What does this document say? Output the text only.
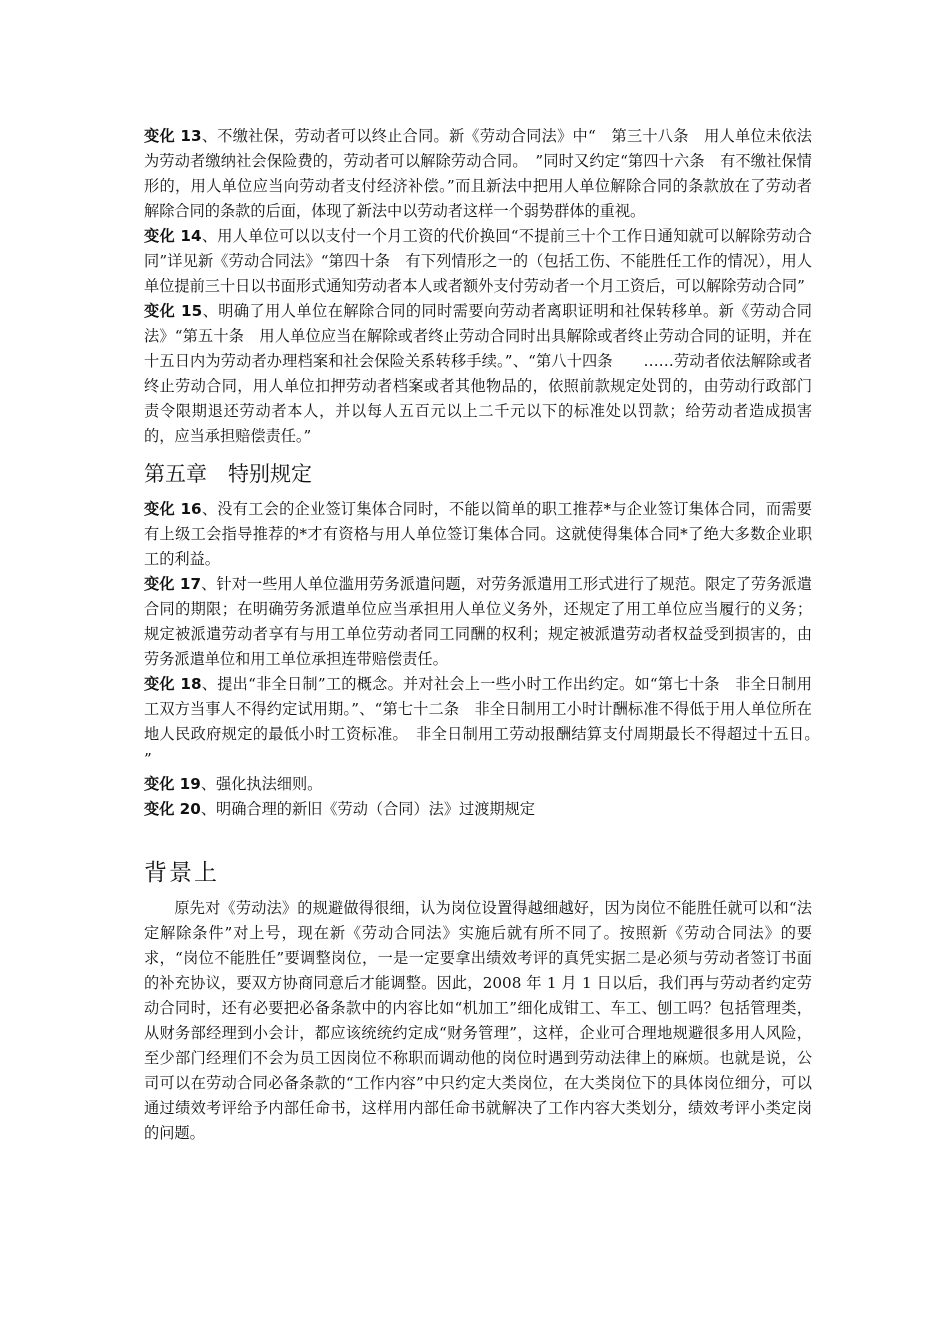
变化 13、不缴社保，劳动者可以终止合同。新《劳动合同法》中“　第三十八条　用人单位未依法为劳动者缴纳社会保险费的，劳动者可以解除劳动合同。　”同时又约定“第四十六条　有不缴社保情形的，用人单位应当向劳动者支付经济补偿。”而且新法中把用人单位解除合同的条款放在了劳动者解除合同的条款的后面，体现了新法中以劳动者这样一个弱势群体的重视。

变化 14、用人单位可以以支付一个月工资的代价换回“不提前三十个工作日通知就可以解除劳动合同”详见新《劳动合同法》“第四十条　有下列情形之一的（包括工伤、不能胜任工作的情况），用人单位提前三十日以书面形式通知劳动者本人或者额外支付劳动者一个月工资后，可以解除劳动合同”

变化 15、明确了用人单位在解除合同的同时需要向劳动者离职证明和社保转移单。新《劳动合同法》“第五十条　用人单位应当在解除或者终止劳动合同时出具解除或者终止劳动合同的证明，并在十五日内为劳动者办理档案和社会保险关系转移手续。”、“第八十四条　　……劳动者依法解除或者终止劳动合同，用人单位扣押劳动者档案或者其他物品的，依照前款规定处罚的，由劳动行政部门责令限期退还劳动者本人，并以每人五百元以上二千元以下的标准处以罚款；给劳动者造成损害的，应当承担赔偿责任。”

第五章　特别规定

变化 16、没有工会的企业签订集体合同时，不能以简单的职工推荐*与企业签订集体合同，而需要有上级工会指导推荐的*才有资格与用人单位签订集体合同。这就使得集体合同*了绝大多数企业职工的利益。

变化 17、针对一些用人单位滥用劳务派遣问题，对劳务派遣用工形式进行了规范。限定了劳务派遣合同的期限；在明确劳务派遣单位应当承担用人单位义务外，还规定了用工单位应当履行的义务；规定被派遣劳动者享有与用工单位劳动者同工同酬的权利；规定被派遣劳动者权益受到损害的，由劳务派遣单位和用工单位承担连带赔偿责任。

变化 18、提出“非全日制”工的概念。并对社会上一些小时工作出约定。如“第七十条　非全日制用工双方当事人不得约定试用期。”、“第七十二条　非全日制用工小时计酬标准不得低于用人单位所在地人民政府规定的最低小时工资标准。　非全日制用工劳动报酬结算支付周期最长不得超过十五日。　”

变化 19、强化执法细则。

变化 20、明确合理的新旧《劳动（合同）法》过渡期规定

背景上

原先对《劳动法》的规避做得很细，认为岗位设置得越细越好，因为岗位不能胜任就可以和“法定解除条件”对上号，现在新《劳动合同法》实施后就有所不同了。按照新《劳动合同法》的要求，“岗位不能胜任”要调整岗位，一是一定要拿出绩效考评的真凭实据二是必须与劳动者签订书面的补充协议，要双方协商同意后才能调整。因此，2008 年 1 月 1 日以后，我们再与劳动者约定劳动合同时，还有必要把必备条款中的内容比如“机加工”细化成钳工、车工、刨工吗？包括管理类，从财务部经理到小会计，都应该统统约定成“财务管理”，这样，企业可合理地规避很多用人风险，至少部门经理们不会为员工因岗位不称职而调动他的岗位时遇到劳动法律上的麻烦。也就是说，公司可以在劳动合同必备条款的“工作内容”中只约定大类岗位，在大类岗位下的具体岗位细分，可以通过绩效考评给予内部任命书，这样用内部任命书就解决了工作内容大类划分，绩效考评小类定岗的问题。
